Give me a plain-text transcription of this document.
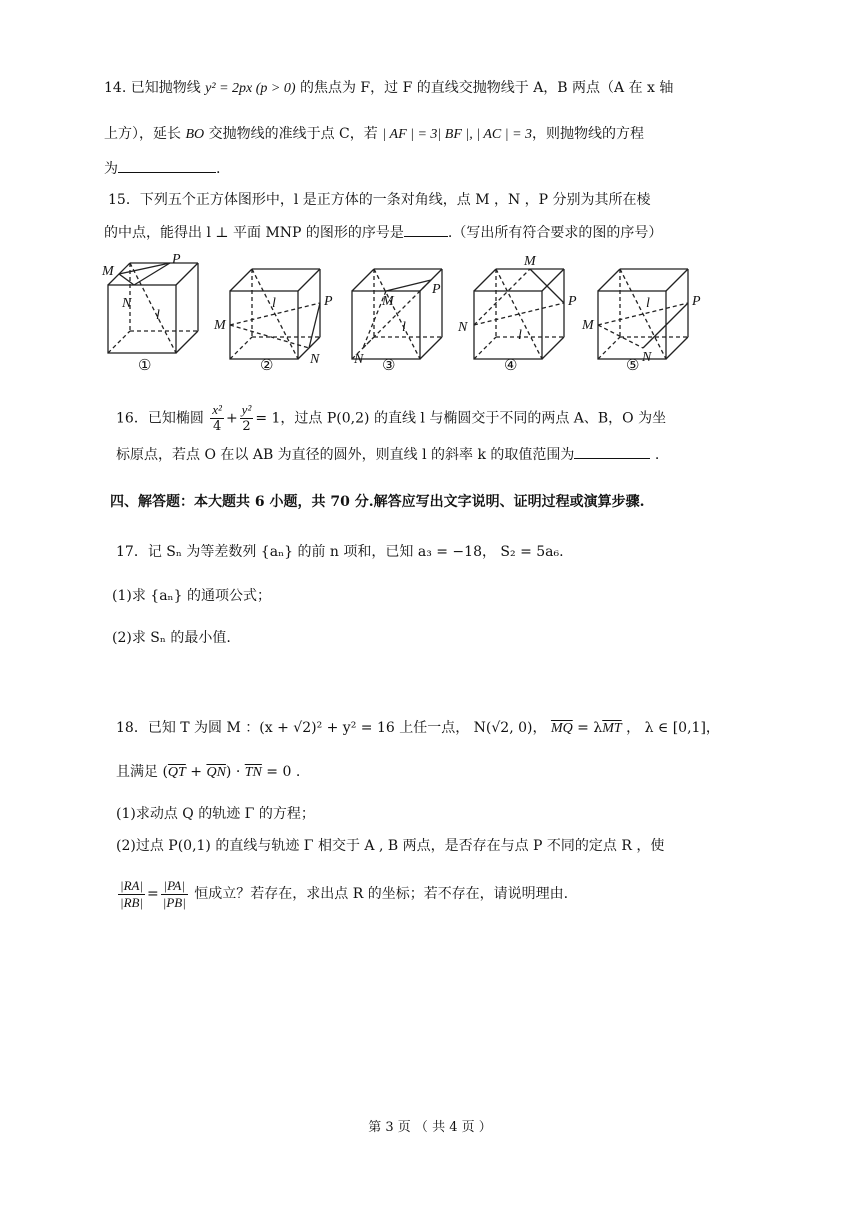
14. 已知抛物线 y² = 2px (p > 0) 的焦点为 F，过 F 的直线交抛物线于 A，B 两点（A 在 x 轴
上方），延长 BO 交抛物线的准线于点 C，若 | AF | = 3| BF |, | AC | = 3，则抛物线的方程
为	.
15．下列五个正方体图形中，l 是正方体的一条对角线，点 M ，N ，P 分别为其所在棱
的中点，能得出 l ⊥ 平面 MNP 的图形的序号是	.（写出所有符合要求的图的序号）
M
P
N
l
M
P
N
l	M
P
N
l	N
M
P
l
M
P
N
l
①	②	③	④	⑤
16．已知椭圆 $\frac{\text{x²}}{4} + \frac{\text{y²}}{2} = 1$，过点 P(0,2) 的直线 l 与椭圆交于不同的两点 A、B，O 为坐
标原点，若点 O 在以 AB 为直径的圆外，则直线 l 的斜率 k 的取值范围为	.
四、解答题：本大题共 6 小题，共 70 分.解答应写出文字说明、证明过程或演算步骤.
17．记 Sₙ 为等差数列 {aₙ} 的前 n 项和，已知 a₃ = −18， S₂ = 5a₆.
(1)求 {aₙ} 的通项公式；
(2)求 Sₙ 的最小值.
18．已知 T 为圆 M ：(x + √2)² + y² = 16 上任一点， N(√2, 0)， $\overline{MQ} = \lambda\overline{MT}$ ， λ ∈ [0,1]，
且满足 $(\overline{QT} + \overline{QN}) \cdot \overline{TN} = 0$ .
(1)求动点 Q 的轨迹 Γ 的方程；
(2)过点 P(0,1) 的直线与轨迹 Γ 相交于 A , B 两点，是否存在与点 P 不同的定点 R ，使
$\frac{|RA|}{|RB|} = \frac{|PA|}{|PB|}$ 恒成立？若存在，求出点 R 的坐标；若不存在，请说明理由.
第 3 页 （ 共 4 页 ）
